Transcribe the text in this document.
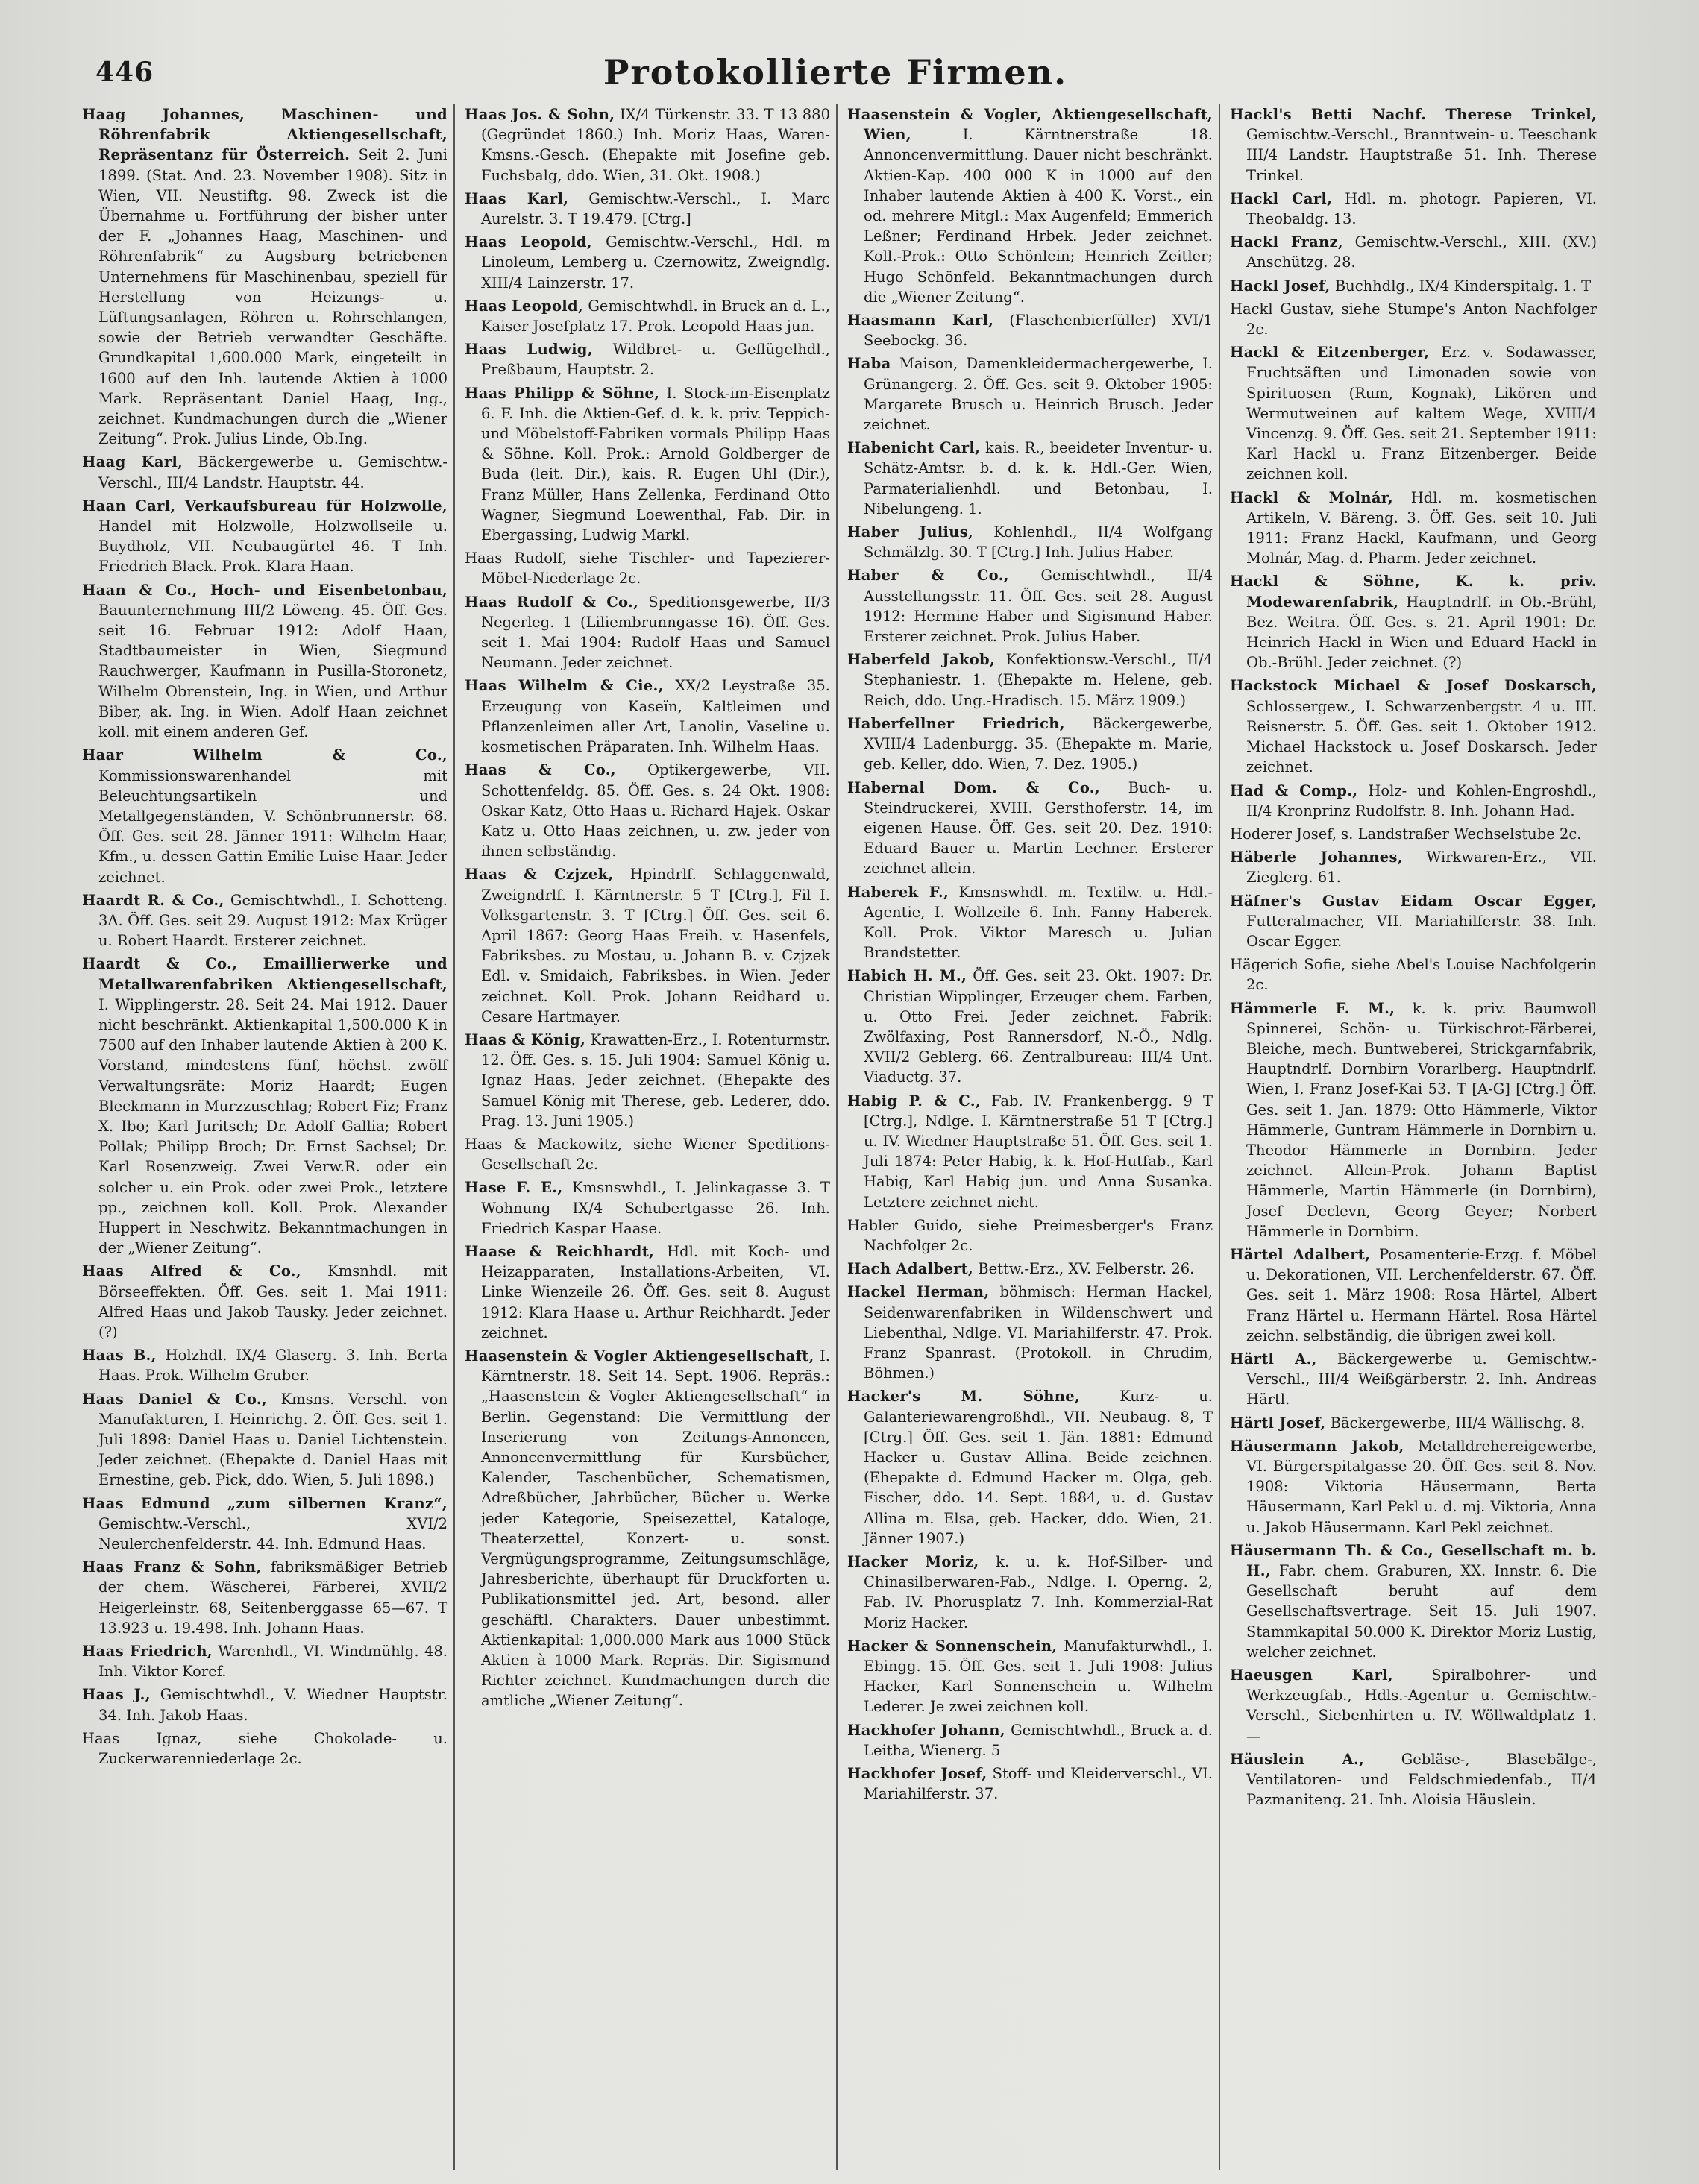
446	Protokollierte Firmen.

Haag Johannes, Maschinen- und Röhrenfabrik Aktiengesellschaft, Repräsentanz für Österreich. Seit 2. Juni 1899. (Stat. And. 23. November 1908). Sitz in Wien, VII. Neustiftg. 98. Zweck ist die Übernahme u. Fortführung der bisher unter der F. „Johannes Haag, Maschinen- und Röhrenfabrik“ zu Augsburg betriebenen Unternehmens für Maschinenbau, speziell für Herstellung von Heizungs- u. Lüftungsanlagen, Röhren u. Rohrschlangen, sowie der Betrieb verwandter Geschäfte. Grundkapital 1,600.000 Mark, eingeteilt in 1600 auf den Inh. lautende Aktien à 1000 Mark. Repräsentant Daniel Haag, Ing., zeichnet. Kundmachungen durch die „Wiener Zeitung“. Prok. Julius Linde, Ob.Ing.

Haag Karl, Bäckergewerbe u. Gemischtw.-Verschl., III/4 Landstr. Hauptstr. 44.

Haan Carl, Verkaufsbureau für Holzwolle, Handel mit Holzwolle, Holzwollseile u. Buydholz, VII. Neubaugürtel 46. T Inh. Friedrich Black. Prok. Klara Haan.

Haan & Co., Hoch- und Eisenbetonbau, Bauunternehmung III/2 Löweng. 45. Öff. Ges. seit 16. Februar 1912: Adolf Haan, Stadtbaumeister in Wien, Siegmund Rauchwerger, Kaufmann in Pusilla-Storonetz, Wilhelm Obrenstein, Ing. in Wien, und Arthur Biber, ak. Ing. in Wien. Adolf Haan zeichnet koll. mit einem anderen Gef.

Haar Wilhelm & Co., Kommissionswarenhandel mit Beleuchtungsartikeln und Metallgegenständen, V. Schönbrunnerstr. 68. Öff. Ges. seit 28. Jänner 1911: Wilhelm Haar, Kfm., u. dessen Gattin Emilie Luise Haar. Jeder zeichnet.

Haardt R. & Co., Gemischtwhdl., I. Schotteng. 3A. Öff. Ges. seit 29. August 1912: Max Krüger u. Robert Haardt. Ersterer zeichnet.

Haardt & Co., Emaillierwerke und Metallwarenfabriken Aktiengesellschaft, I. Wipplingerstr. 28. Seit 24. Mai 1912. Dauer nicht beschränkt. Aktienkapital 1,500.000 K in 7500 auf den Inhaber lautende Aktien à 200 K. Vorstand, mindestens fünf, höchst. zwölf Verwaltungsräte: Moriz Haardt; Eugen Bleckmann in Murzzuschlag; Robert Fiz; Franz X. Ibo; Karl Juritsch; Dr. Adolf Gallia; Robert Pollak; Philipp Broch; Dr. Ernst Sachsel; Dr. Karl Rosenzweig. Zwei Verw.R. oder ein solcher u. ein Prok. oder zwei Prok., letztere pp., zeichnen koll. Koll. Prok. Alexander Huppert in Neschwitz. Bekanntmachungen in der „Wiener Zeitung“.

Haas Alfred & Co., Kmsnhdl. mit Börseeffekten. Öff. Ges. seit 1. Mai 1911: Alfred Haas und Jakob Tausky. Jeder zeichnet. (?)

Haas B., Holzhdl. IX/4 Glaserg. 3. Inh. Berta Haas. Prok. Wilhelm Gruber.

Haas Daniel & Co., Kmsns. Verschl. von Manufakturen, I. Heinrichg. 2. Öff. Ges. seit 1. Juli 1898: Daniel Haas u. Daniel Lichtenstein. Jeder zeichnet. (Ehepakte d. Daniel Haas mit Ernestine, geb. Pick, ddo. Wien, 5. Juli 1898.)

Haas Edmund „zum silbernen Kranz“, Gemischtw.-Verschl., XVI/2 Neulerchenfelderstr. 44. Inh. Edmund Haas.

Haas Franz & Sohn, fabriksmäßiger Betrieb der chem. Wäscherei, Färberei, XVII/2 Heigerleinstr. 68, Seitenberggasse 65—67. T 13.923 u. 19.498. Inh. Johann Haas.

Haas Friedrich, Warenhdl., VI. Windmühlg. 48. Inh. Viktor Koref.

Haas J., Gemischtwhdl., V. Wiedner Hauptstr. 34. Inh. Jakob Haas.

Haas Ignaz, siehe Chokolade- u. Zuckerwarenniederlage 2c.

Haas Jos. & Sohn, IX/4 Türkenstr. 33. T 13 880 (Gegründet 1860.) Inh. Moriz Haas, Waren-Kmsns.-Gesch. (Ehepakte mit Josefine geb. Fuchsbalg, ddo. Wien, 31. Okt. 1908.)

Haas Karl, Gemischtw.-Verschl., I. Marc Aurelstr. 3. T 19.479. [Ctrg.]

Haas Leopold, Gemischtw.-Verschl., Hdl. m Linoleum, Lemberg u. Czernowitz, Zweigndlg. XIII/4 Lainzerstr. 17.

Haas Leopold, Gemischtwhdl. in Bruck an d. L., Kaiser Josefplatz 17. Prok. Leopold Haas jun.

Haas Ludwig, Wildbret- u. Geflügelhdl., Preßbaum, Hauptstr. 2.

Haas Philipp & Söhne, I. Stock-im-Eisenplatz 6. F. Inh. die Aktien-Gef. d. k. k. priv. Teppich- und Möbelstoff-Fabriken vormals Philipp Haas & Söhne. Koll. Prok.: Arnold Goldberger de Buda (leit. Dir.), kais. R. Eugen Uhl (Dir.), Franz Müller, Hans Zellenka, Ferdinand Otto Wagner, Siegmund Loewenthal, Fab. Dir. in Ebergassing, Ludwig Markl.

Haas Rudolf, siehe Tischler- und Tapezierer-Möbel-Niederlage 2c.

Haas Rudolf & Co., Speditionsgewerbe, II/3 Negerleg. 1 (Liliembrunngasse 16). Öff. Ges. seit 1. Mai 1904: Rudolf Haas und Samuel Neumann. Jeder zeichnet.

Haas Wilhelm & Cie., XX/2 Leystraße 35. Erzeugung von Kaseïn, Kaltleimen und Pflanzenleimen aller Art, Lanolin, Vaseline u. kosmetischen Präparaten. Inh. Wilhelm Haas.

Haas & Co., Optikergewerbe, VII. Schottenfeldg. 85. Öff. Ges. s. 24 Okt. 1908: Oskar Katz, Otto Haas u. Richard Hajek. Oskar Katz u. Otto Haas zeichnen, u. zw. jeder von ihnen selbständig.

Haas & Czjzek, Hpindrlf. Schlaggenwald, Zweigndrlf. I. Kärntnerstr. 5 T [Ctrg.], Fil I. Volksgartenstr. 3. T [Ctrg.] Öff. Ges. seit 6. April 1867: Georg Haas Freih. v. Hasenfels, Fabriksbes. zu Mostau, u. Johann B. v. Czjzek Edl. v. Smidaich, Fabriksbes. in Wien. Jeder zeichnet. Koll. Prok. Johann Reidhard u. Cesare Hartmayer.

Haas & König, Krawatten-Erz., I. Rotenturmstr. 12. Öff. Ges. s. 15. Juli 1904: Samuel König u. Ignaz Haas. Jeder zeichnet. (Ehepakte des Samuel König mit Therese, geb. Lederer, ddo. Prag. 13. Juni 1905.)

Haas & Mackowitz, siehe Wiener Speditions-Gesellschaft 2c.

Hase F. E., Kmsnswhdl., I. Jelinkagasse 3. T Wohnung IX/4 Schubertgasse 26. Inh. Friedrich Kaspar Haase.

Haase & Reichhardt, Hdl. mit Koch- und Heizapparaten, Installations-Arbeiten, VI. Linke Wienzeile 26. Öff. Ges. seit 8. August 1912: Klara Haase u. Arthur Reichhardt. Jeder zeichnet.

Haasenstein & Vogler Aktiengesellschaft, I. Kärntnerstr. 18. Seit 14. Sept. 1906. Repräs.: „Haasenstein & Vogler Aktiengesellschaft“ in Berlin. Gegenstand: Die Vermittlung der Inserierung von Zeitungs-Annoncen, Annoncenvermittlung für Kursbücher, Kalender, Taschenbücher, Schematismen, Adreßbücher, Jahrbücher, Bücher u. Werke jeder Kategorie, Speisezettel, Kataloge, Theaterzettel, Konzert- u. sonst. Vergnügungsprogramme, Zeitungsumschläge, Jahresberichte, überhaupt für Druckforten u. Publikationsmittel jed. Art, besond. aller geschäftl. Charakters. Dauer unbestimmt. Aktienkapital: 1,000.000 Mark aus 1000 Stück Aktien à 1000 Mark. Repräs. Dir. Sigismund Richter zeichnet. Kundmachungen durch die amtliche „Wiener Zeitung“.

Haasenstein & Vogler, Aktiengesellschaft, Wien,	I. Kärntnerstraße 18. Annoncenvermittlung. Dauer nicht beschränkt. Aktien-Kap. 400 000 K in 1000 auf den Inhaber lautende Aktien à 400 K. Vorst., ein od. mehrere Mitgl.: Max Augenfeld; Emmerich Leßner; Ferdinand Hrbek. Jeder zeichnet. Koll.-Prok.: Otto Schönlein; Heinrich Zeitler; Hugo Schönfeld. Bekanntmachungen durch die „Wiener Zeitung“.

Haasmann Karl, (Flaschenbierfüller) XVI/1 Seebockg. 36.

Haba Maison, Damenkleidermachergewerbe, I. Grünangerg. 2. Öff. Ges. seit 9. Oktober 1905: Margarete Brusch u. Heinrich Brusch. Jeder zeichnet.

Habenicht Carl, kais. R., beeideter Inventur- u. Schätz-Amtsr. b. d. k. k. Hdl.-Ger. Wien, Parmaterialienhdl. und Betonbau, I. Nibelungeng. 1.

Haber Julius, Kohlenhdl., II/4 Wolfgang Schmälzlg. 30. T [Ctrg.] Inh. Julius Haber.

Haber & Co., Gemischtwhdl., II/4 Ausstellungsstr. 11. Öff. Ges. seit 28. August 1912: Hermine Haber und Sigismund Haber. Ersterer zeichnet. Prok. Julius Haber.

Haberfeld Jakob, Konfektionsw.-Verschl., II/4 Stephaniestr. 1. (Ehepakte m. Helene, geb. Reich, ddo. Ung.-Hradisch. 15. März 1909.)

Haberfellner Friedrich, Bäckergewerbe, XVIII/4 Ladenburgg. 35. (Ehepakte m. Marie, geb. Keller, ddo. Wien, 7. Dez. 1905.)

Habernal Dom. & Co., Buch- u. Steindruckerei, XVIII. Gersthoferstr. 14, im eigenen Hause. Öff. Ges. seit 20. Dez. 1910: Eduard Bauer u. Martin Lechner. Ersterer zeichnet allein.

Haberek F., Kmsnswhdl. m. Textilw. u. Hdl.-Agentie, I. Wollzeile 6. Inh. Fanny Haberek. Koll. Prok. Viktor Maresch u. Julian Brandstetter.

Habich H. M., Öff. Ges. seit 23. Okt. 1907: Dr. Christian Wipplinger, Erzeuger chem. Farben, u. Otto Frei. Jeder zeichnet. Fabrik: Zwölfaxing, Post Rannersdorf, N.-Ö., Ndlg. XVII/2 Geblerg. 66. Zentralbureau: III/4 Unt. Viaductg. 37.

Habig P. & C., Fab. IV. Frankenbergg. 9 T [Ctrg.], Ndlge. I. Kärntnerstraße 51 T [Ctrg.] u. IV. Wiedner Hauptstraße 51. Öff. Ges. seit 1. Juli 1874: Peter Habig, k. k. Hof-Hutfab., Karl Habig, Karl Habig jun. und Anna Susanka. Letztere zeichnet nicht.

Habler Guido, siehe Preimesberger's Franz Nachfolger 2c.

Hach Adalbert, Bettw.-Erz., XV. Felberstr. 26.

Hackel Herman, böhmisch: Herman Hackel, Seidenwarenfabriken in Wildenschwert und Liebenthal, Ndlge. VI. Mariahilferstr. 47. Prok. Franz Spanrast. (Protokoll. in Chrudim, Böhmen.)

Hacker's M. Söhne,	Kurz- u. Galanteriewarengroßhdl., VII. Neubaug. 8, T [Ctrg.] Öff. Ges. seit 1. Jän. 1881: Edmund Hacker u. Gustav Allina. Beide zeichnen. (Ehepakte d. Edmund Hacker m. Olga, geb. Fischer, ddo. 14. Sept. 1884, u. d. Gustav Allina m. Elsa, geb. Hacker, ddo. Wien, 21. Jänner 1907.)

Hacker Moriz, k. u. k. Hof-Silber- und Chinasilberwaren-Fab., Ndlge. I. Operng. 2, Fab. IV. Phorusplatz 7. Inh. Kommerzial-Rat Moriz Hacker.

Hacker & Sonnenschein, Manufakturwhdl., I. Ebingg. 15. Öff. Ges. seit 1. Juli 1908: Julius Hacker, Karl Sonnenschein u. Wilhelm Lederer. Je zwei zeichnen koll.

Hackhofer Johann, Gemischtwhdl., Bruck a. d. Leitha, Wienerg. 5

Hackhofer Josef, Stoff- und Kleiderverschl., VI. Mariahilferstr. 37.

Hackl's Betti Nachf. Therese Trinkel, Gemischtw.-Verschl., Branntwein- u. Teeschank III/4 Landstr. Hauptstraße 51. Inh. Therese Trinkel.

Hackl Carl, Hdl. m. photogr. Papieren, VI. Theobaldg. 13.

Hackl Franz, Gemischtw.-Verschl., XIII. (XV.) Anschützg. 28.

Hackl Josef, Buchhdlg., IX/4 Kinderspitalg. 1. T

Hackl Gustav, siehe Stumpe's Anton Nachfolger 2c.

Hackl & Eitzenberger, Erz. v. Sodawasser, Fruchtsäften und Limonaden sowie von Spirituosen (Rum, Kognak), Likören und Wermutweinen auf kaltem Wege, XVIII/4 Vincenzg. 9. Öff. Ges. seit 21. September 1911: Karl Hackl u. Franz Eitzenberger. Beide zeichnen koll.

Hackl & Molnár, Hdl. m. kosmetischen Artikeln, V. Bäreng. 3. Öff. Ges. seit 10. Juli 1911: Franz Hackl, Kaufmann, und Georg Molnár, Mag. d. Pharm. Jeder zeichnet.

Hackl & Söhne, K. k. priv. Modewarenfabrik, Hauptndrlf. in Ob.-Brühl, Bez. Weitra. Öff. Ges. s. 21. April 1901: Dr. Heinrich Hackl in Wien und Eduard Hackl in Ob.-Brühl. Jeder zeichnet. (?)

Hackstock Michael & Josef Doskarsch, Schlossergew., I. Schwarzenbergstr. 4 u. III. Reisnerstr. 5. Öff. Ges. seit 1. Oktober 1912. Michael Hackstock u. Josef Doskarsch. Jeder zeichnet.

Had & Comp., Holz- und Kohlen-Engroshdl., II/4 Kronprinz Rudolfstr. 8. Inh. Johann Had.

Hoderer Josef, s. Landstraßer Wechselstube 2c.

Häberle Johannes, Wirkwaren-Erz., VII. Zieglerg. 61.

Häfner's Gustav Eidam Oscar Egger, Futteralmacher, VII. Mariahilferstr. 38. Inh. Oscar Egger.

Hägerich Sofie, siehe Abel's Louise Nachfolgerin 2c.

Hämmerle F. M., k. k. priv. Baumwoll Spinnerei, Schön- u. Türkischrot-Färberei, Bleiche, mech. Buntweberei, Strickgarnfabrik, Hauptndrlf. Dornbirn Vorarlberg. Hauptndrlf. Wien, I. Franz Josef-Kai 53. T [A-G] [Ctrg.] Öff. Ges. seit 1. Jan. 1879: Otto Hämmerle, Viktor Hämmerle, Guntram Hämmerle in Dornbirn u. Theodor Hämmerle in Dornbirn. Jeder zeichnet. Allein-Prok. Johann Baptist Hämmerle, Martin Hämmerle (in Dornbirn), Josef Declevn, Georg Geyer; Norbert Hämmerle in Dornbirn.

Härtel Adalbert, Posamenterie-Erzg. f. Möbel u. Dekorationen, VII. Lerchenfelderstr. 67. Öff. Ges. seit 1. März 1908: Rosa Härtel, Albert Franz Härtel u. Hermann Härtel. Rosa Härtel zeichn. selbständig, die übrigen zwei koll.

Härtl A., Bäckergewerbe u. Gemischtw.-Verschl., III/4 Weißgärberstr. 2. Inh. Andreas Härtl.

Härtl Josef, Bäckergewerbe, III/4 Wällischg. 8.

Häusermann Jakob, Metalldrehereigewerbe, VI. Bürgerspitalgasse 20. Öff. Ges. seit 8. Nov. 1908: Viktoria Häusermann, Berta Häusermann, Karl Pekl u. d. mj. Viktoria, Anna u. Jakob Häusermann. Karl Pekl zeichnet.

Häusermann Th. & Co., Gesellschaft m. b. H., Fabr. chem. Graburen, XX. Innstr. 6. Die Gesellschaft beruht auf dem Gesellschaftsvertrage. Seit 15. Juli 1907. Stammkapital 50.000 K. Direktor Moriz Lustig, welcher zeichnet.

Haeusgen Karl,	Spiralbohrer- und Werkzeugfab., Hdls.-Agentur u. Gemischtw.-Verschl., Siebenhirten u. IV. Wöllwaldplatz 1. —

Häuslein A.,	Gebläse-, Blasebälge-, Ventilatoren- und Feldschmiedenfab., II/4 Pazmaniteng. 21. Inh. Aloisia Häuslein.
